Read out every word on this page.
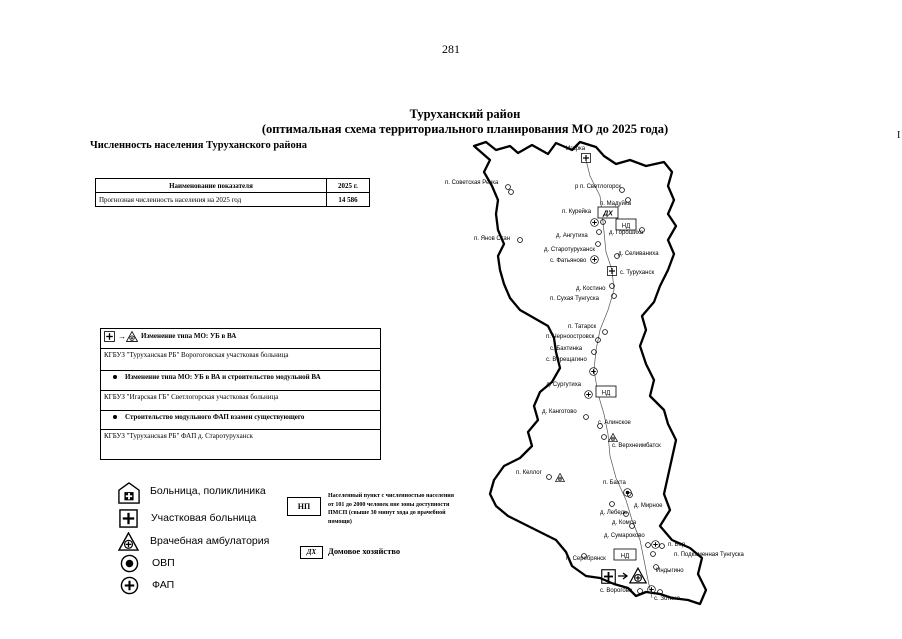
281
Туруханский район
(оптимальная схема территориального планирования МО до 2025 года)
Численность населения Туруханского района
I
Наименование показателя	2025 г.
Прогнозная численность населения на 2025 год	14 586
→ Изменение типа МО: УБ в ВА
КГБУЗ "Туруханская РБ" Ворогоговская участковая больница
Изменение типа МО: УБ в ВА и строительство модульной ВА
КГБУЗ "Игарская ГБ" Светлогорская участковая больница
Строительство модульного ФАП взамен существующего
КГБУЗ "Туруханская РБ" ФАП д. Старотуруханск
Больница, поликлиника
Участковая больница
Врачебная амбулатория
ОВП
ФАП
НП
Населенный пункт с численностью населения от 101 до 2000 человек вне зоны доступности ПМСП (свыше 30 минут хода до врачебной помощи)
ДХ	Домовое хозяйство
ДХ
НД
НД
НД
Игарка
п. Советская Речка
р п. Светлогорск
п. Мадуйка
п. Курейка
д. Горошиха
д. Ангутиха
п. Янов Стан
д. Старотуруханск
д. Селиваниха
с. Фатьяново
с. Туруханск
д. Костино
п. Сухая Тунгуска
п. Татарск
п. Черноостровск
с. Бахтинка
с. Верещагино
д. Сургутиха
д. Канготово
с. Алинское
с. Верхнеимбатск
п. Келлог
п. Бахта
д. Мирное
д. Лебедь
д. Комса
д. Сумароково
п. Бор
п. Подкаменная Тунгуска
п. Серебрянск
Индыгино
с. Ворогово
с. Зотино
